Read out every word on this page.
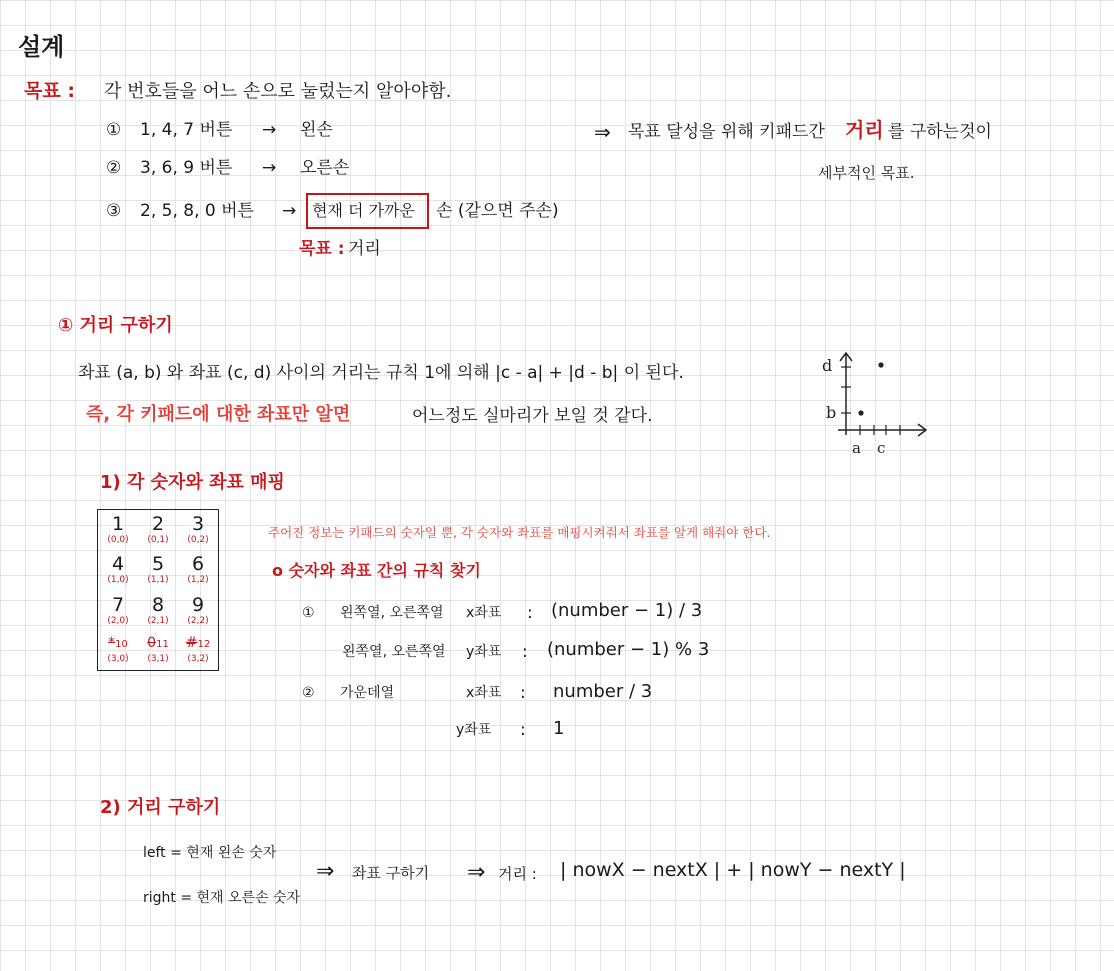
설계
목표 : 각 번호들을 어느 손으로 눌렀는지 알아야함.
① 1, 4, 7 버튼 → 왼손
② 3, 6, 9 버튼 → 오른손
③ 2, 5, 8, 0 버튼 → 현재 더 가까운 손 (같으면 주손)
목표 : 거리
⇒ 목표 달성을 위해 키패드간 거리 를 구하는것이
세부적인 목표.
① 거리 구하기
좌표 (a, b) 와 좌표 (c, d) 사이의 거리는 규칙 1에 의해 |c - a| + |d - b| 이 된다.
즉, 각 키패드에 대한 좌표만 알면	어느정도 실마리가 보일 것 같다.
d
b
a c
1) 각 숫자와 좌표 매핑
1
(0,0)
2
(0,1)
3
(0,2)
4
(1,0)
5
(1,1)
6
(1,2)
7
(2,0)
8
(2,1)
9
(2,2)
*10
(3,0)
011
(3,1)
#12
(3,2)
주어진 정보는 키패드의 숫자일 뿐, 각 숫자와 좌표를 매핑시켜줘서 좌표를 알게 해줘야 한다.
o 숫자와 좌표 간의 규칙 찾기
① 왼쪽열, 오른쪽열 x좌표 : (number − 1) / 3
왼쪽열, 오른쪽열 y좌표 : (number − 1) % 3
② 가운데열	x좌표 : number / 3
y좌표 : 1
2) 거리 구하기
left = 현재 왼손 숫자
right = 현재 오른손 숫자
⇒ 좌표 구하기 ⇒ 거리 : | nowX − nextX | + | nowY − nextY |
